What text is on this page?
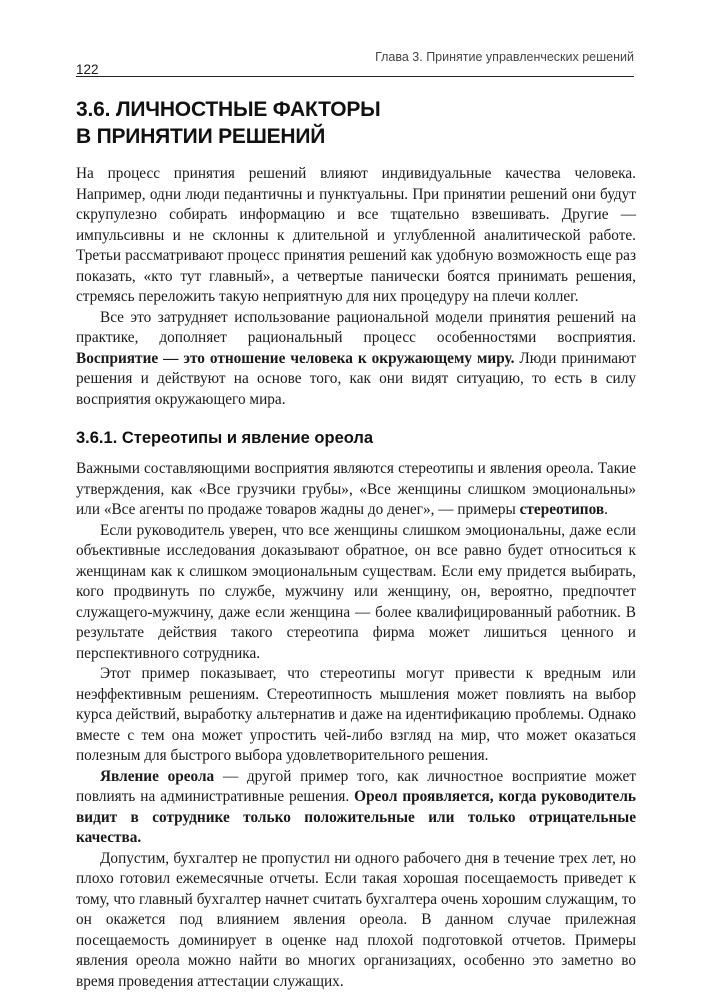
122
Глава 3. Принятие управленческих решений
3.6. ЛИЧНОСТНЫЕ ФАКТОРЫ
В ПРИНЯТИИ РЕШЕНИЙ

На процесс принятия решений влияют индивидуальные качества человека. Например, одни люди педантичны и пунктуальны. При принятии решений они будут скрупулезно собирать информацию и все тщательно взвешивать. Другие — импульсивны и не склонны к длительной и углубленной аналитической работе. Третьи рассматривают процесс принятия решений как удобную возможность еще раз показать, «кто тут главный», а четвертые панически боятся принимать решения, стремясь переложить такую неприятную для них процедуру на плечи коллег.

Все это затрудняет использование рациональной модели принятия решений на практике, дополняет рациональный процесс особенностями восприятия. Восприятие — это отношение человека к окружающему миру. Люди принимают решения и действуют на основе того, как они видят ситуацию, то есть в силу восприятия окружающего мира.

3.6.1. Стереотипы и явление ореола

Важными составляющими восприятия являются стереотипы и явления ореола. Такие утверждения, как «Все грузчики грубы», «Все женщины слишком эмоциональны» или «Все агенты по продаже товаров жадны до денег», — примеры стереотипов.

Если руководитель уверен, что все женщины слишком эмоциональны, даже если объективные исследования доказывают обратное, он все равно будет относиться к женщинам как к слишком эмоциональным существам. Если ему придется выбирать, кого продвинуть по службе, мужчину или женщину, он, вероятно, предпочтет служащего-мужчину, даже если женщина — более квалифицированный работник. В результате действия такого стереотипа фирма может лишиться ценного и перспективного сотрудника.

Этот пример показывает, что стереотипы могут привести к вредным или неэффективным решениям. Стереотипность мышления может повлиять на выбор курса действий, выработку альтернатив и даже на идентификацию проблемы. Однако вместе с тем она может упростить чей-либо взгляд на мир, что может оказаться полезным для быстрого выбора удовлетворительного решения.

Явление ореола — другой пример того, как личностное восприятие может повлиять на административные решения. Ореол проявляется, когда руководитель видит в сотруднике только положительные или только отрицательные качества.

Допустим, бухгалтер не пропустил ни одного рабочего дня в течение трех лет, но плохо готовил ежемесячные отчеты. Если такая хорошая посещаемость приведет к тому, что главный бухгалтер начнет считать бухгалтера очень хорошим служащим, то он окажется под влиянием явления ореола. В данном случае прилежная посещаемость доминирует в оценке над плохой подготовкой отчетов. Примеры явления ореола можно найти во многих организациях, особенно это заметно во время проведения аттестации служащих.
